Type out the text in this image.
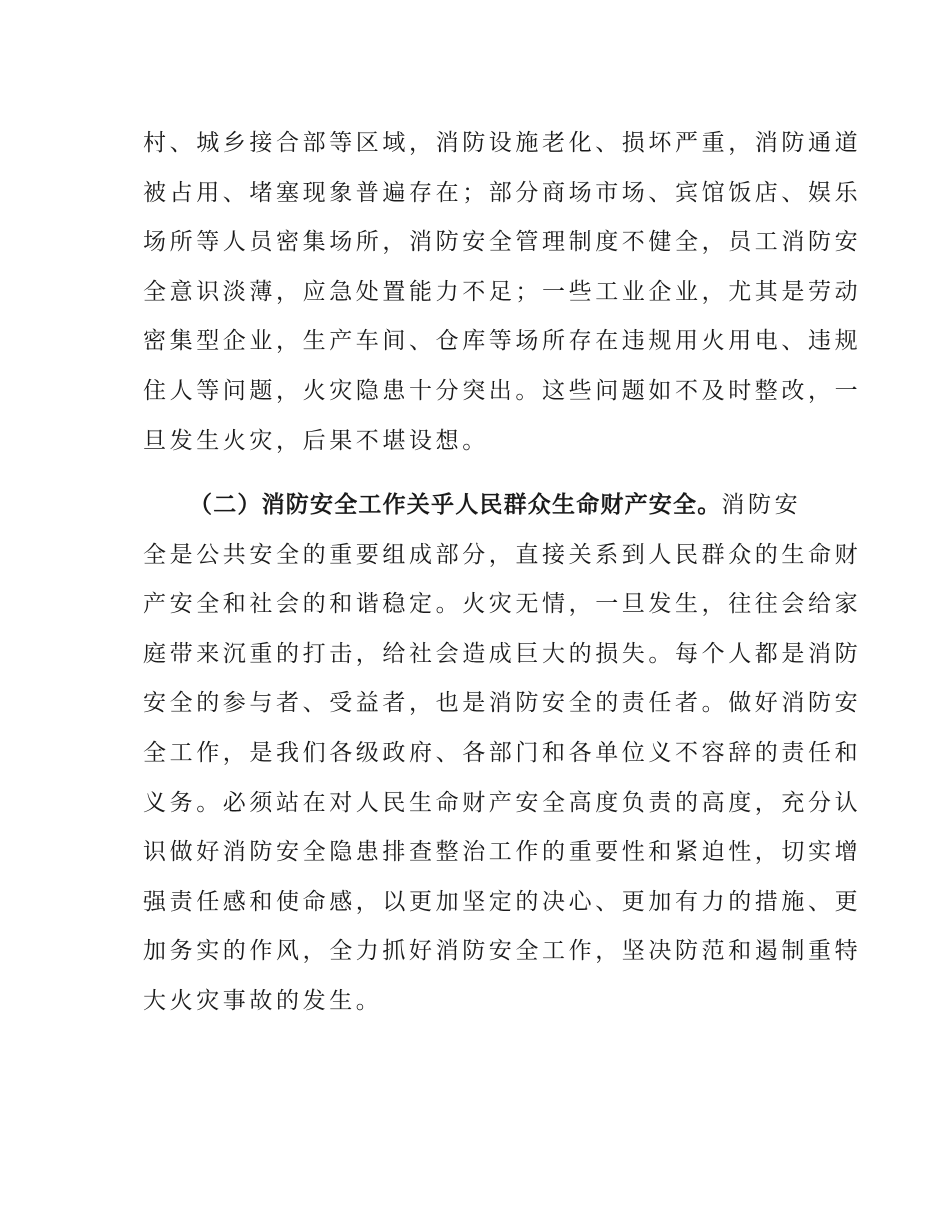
村、城乡接合部等区域，消防设施老化、损坏严重，消防通道
被占用、堵塞现象普遍存在；部分商场市场、宾馆饭店、娱乐
场所等人员密集场所，消防安全管理制度不健全，员工消防安
全意识淡薄，应急处置能力不足；一些工业企业，尤其是劳动
密集型企业，生产车间、仓库等场所存在违规用火用电、违规
住人等问题，火灾隐患十分突出。这些问题如不及时整改，一
旦发生火灾，后果不堪设想。
（二）消防安全工作关乎人民群众生命财产安全。消防安
全是公共安全的重要组成部分，直接关系到人民群众的生命财
产安全和社会的和谐稳定。火灾无情，一旦发生，往往会给家
庭带来沉重的打击，给社会造成巨大的损失。每个人都是消防
安全的参与者、受益者，也是消防安全的责任者。做好消防安
全工作，是我们各级政府、各部门和各单位义不容辞的责任和
义务。必须站在对人民生命财产安全高度负责的高度，充分认
识做好消防安全隐患排查整治工作的重要性和紧迫性，切实增
强责任感和使命感，以更加坚定的决心、更加有力的措施、更
加务实的作风，全力抓好消防安全工作，坚决防范和遏制重特
大火灾事故的发生。
